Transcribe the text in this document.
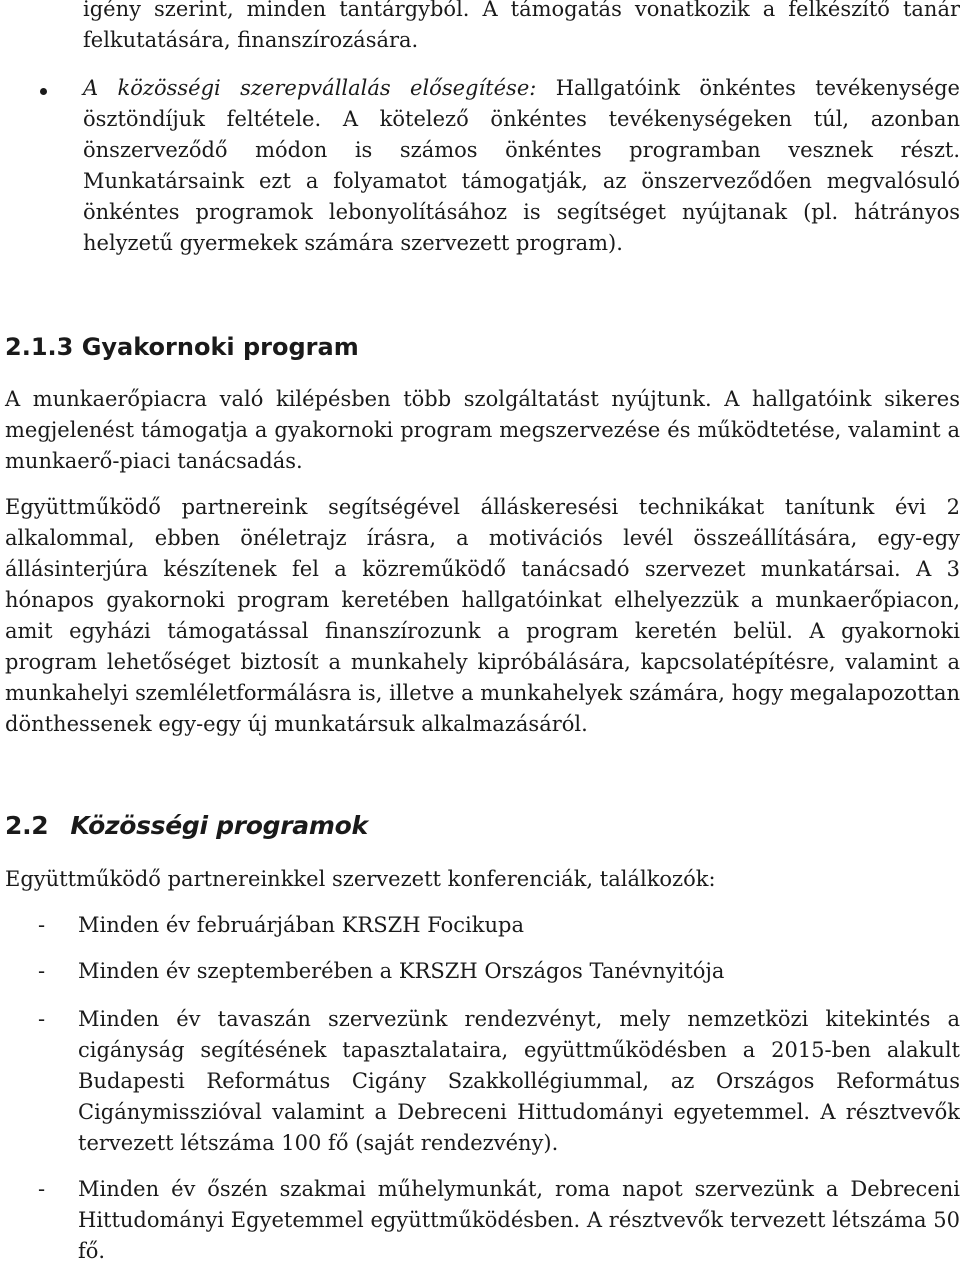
igény szerint, minden tantárgyból. A támogatás vonatkozik a felkészítő tanár felkutatására, finanszírozására.

A közösségi szerepvállalás elősegítése: Hallgatóink önkéntes tevékenysége ösztöndíjuk feltétele. A kötelező önkéntes tevékenységeken túl, azonban önszerveződő módon is számos önkéntes programban vesznek részt. Munkatársaink ezt a folyamatot támogatják, az önszerveződően megvalósuló önkéntes programok lebonyolításához is segítséget nyújtanak (pl. hátrányos helyzetű gyermekek számára szervezett program).

2.1.3 Gyakornoki program

A munkaerőpiacra való kilépésben több szolgáltatást nyújtunk. A hallgatóink sikeres megjelenést támogatja a gyakornoki program megszervezése és működtetése, valamint a munkaerő-piaci tanácsadás.

Együttműködő partnereink segítségével álláskeresési technikákat tanítunk évi 2 alkalommal, ebben önéletrajz írásra, a motivációs levél összeállítására, egy-egy állásinterjúra készítenek fel a közreműködő tanácsadó szervezet munkatársai. A 3 hónapos gyakornoki program keretében hallgatóinkat elhelyezzük a munkaerőpiacon, amit egyházi támogatással finanszírozunk a program keretén belül. A gyakornoki program lehetőséget biztosít a munkahely kipróbálására, kapcsolatépítésre, valamint a munkahelyi szemléletformálásra is, illetve a munkahelyek számára, hogy megalapozottan dönthessenek egy-egy új munkatársuk alkalmazásáról.

2.2 Közösségi programok

Együttműködő partnereinkkel szervezett konferenciák, találkozók:

-	Minden év februárjában KRSZH Focikupa

-	Minden év szeptemberében a KRSZH Országos Tanévnyitója

-	Minden év tavaszán szervezünk rendezvényt, mely nemzetközi kitekintés a cigányság segítésének tapasztalataira, együttműködésben a 2015-ben alakult Budapesti Református Cigány Szakkollégiummal, az Országos Református Cigánymisszióval valamint a Debreceni Hittudományi egyetemmel. A résztvevők tervezett létszáma 100 fő (saját rendezvény).

-	Minden év őszén szakmai műhelymunkát, roma napot szervezünk a Debreceni Hittudományi Egyetemmel együttműködésben. A résztvevők tervezett létszáma 50 fő.
